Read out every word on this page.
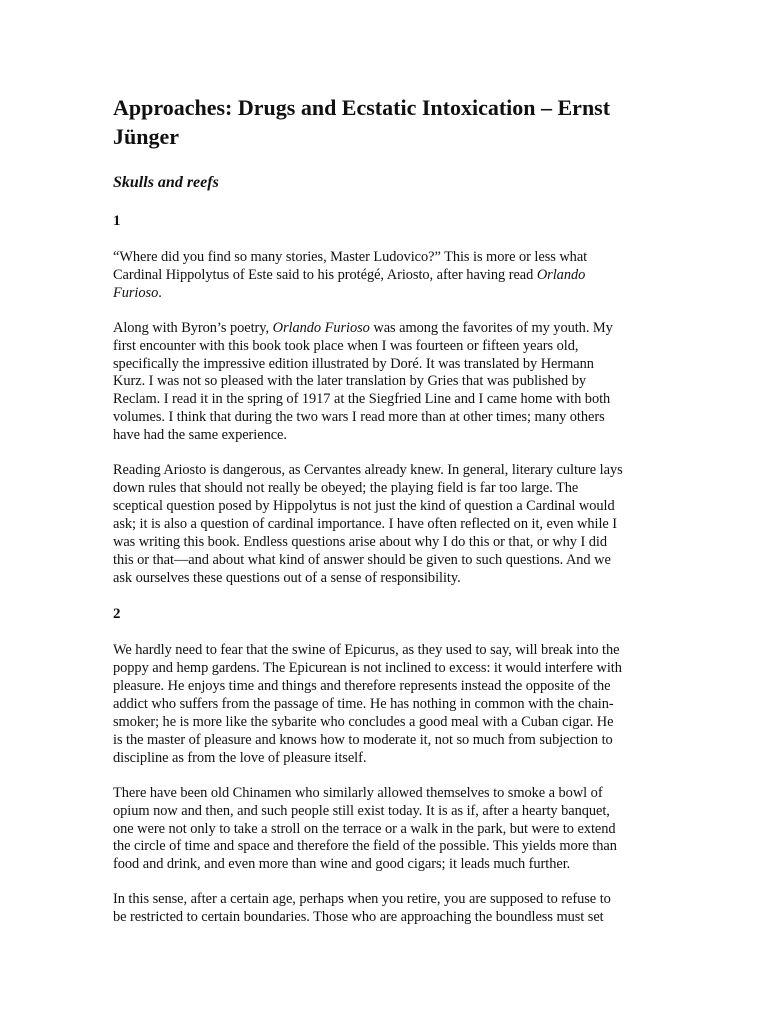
Approaches: Drugs and Ecstatic Intoxication – Ernst
Jünger
Skulls and reefs
1

“Where did you find so many stories, Master Ludovico?” This is more or less what
Cardinal Hippolytus of Este said to his protégé, Ariosto, after having read Orlando
Furioso.

Along with Byron’s poetry, Orlando Furioso was among the favorites of my youth. My
first encounter with this book took place when I was fourteen or fifteen years old,
specifically the impressive edition illustrated by Doré. It was translated by Hermann
Kurz. I was not so pleased with the later translation by Gries that was published by
Reclam. I read it in the spring of 1917 at the Siegfried Line and I came home with both
volumes. I think that during the two wars I read more than at other times; many others
have had the same experience.

Reading Ariosto is dangerous, as Cervantes already knew. In general, literary culture lays
down rules that should not really be obeyed; the playing field is far too large. The
sceptical question posed by Hippolytus is not just the kind of question a Cardinal would
ask; it is also a question of cardinal importance. I have often reflected on it, even while I
was writing this book. Endless questions arise about why I do this or that, or why I did
this or that—and about what kind of answer should be given to such questions. And we
ask ourselves these questions out of a sense of responsibility.

2

We hardly need to fear that the swine of Epicurus, as they used to say, will break into the
poppy and hemp gardens. The Epicurean is not inclined to excess: it would interfere with
pleasure. He enjoys time and things and therefore represents instead the opposite of the
addict who suffers from the passage of time. He has nothing in common with the chain-
smoker; he is more like the sybarite who concludes a good meal with a Cuban cigar. He
is the master of pleasure and knows how to moderate it, not so much from subjection to
discipline as from the love of pleasure itself.

There have been old Chinamen who similarly allowed themselves to smoke a bowl of
opium now and then, and such people still exist today. It is as if, after a hearty banquet,
one were not only to take a stroll on the terrace or a walk in the park, but were to extend
the circle of time and space and therefore the field of the possible. This yields more than
food and drink, and even more than wine and good cigars; it leads much further.

In this sense, after a certain age, perhaps when you retire, you are supposed to refuse to
be restricted to certain boundaries. Those who are approaching the boundless must set
